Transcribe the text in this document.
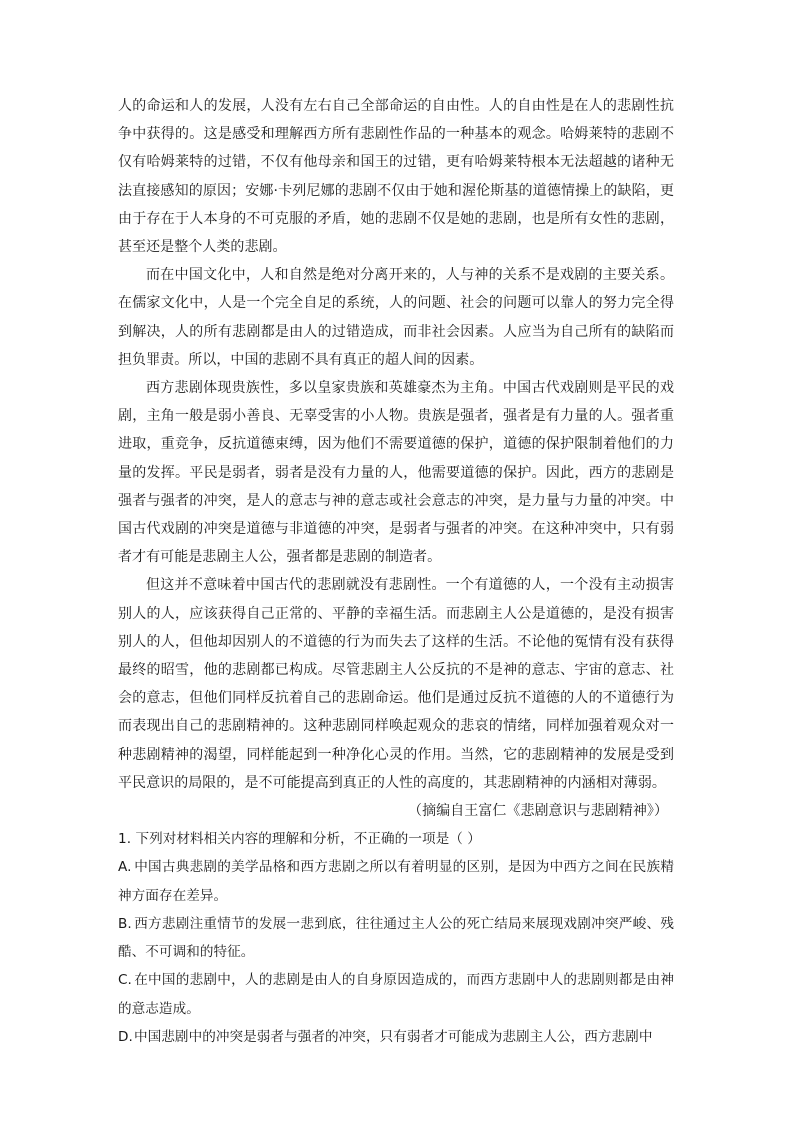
人的命运和人的发展，人没有左右自己全部命运的自由性。人的自由性是在人的悲剧性抗争中获得的。这是感受和理解西方所有悲剧性作品的一种基本的观念。哈姆莱特的悲剧不仅有哈姆莱特的过错，不仅有他母亲和国王的过错，更有哈姆莱特根本无法超越的诸种无法直接感知的原因；安娜·卡列尼娜的悲剧不仅由于她和渥伦斯基的道德情操上的缺陷，更由于存在于人本身的不可克服的矛盾，她的悲剧不仅是她的悲剧，也是所有女性的悲剧，甚至还是整个人类的悲剧。

而在中国文化中，人和自然是绝对分离开来的，人与神的关系不是戏剧的主要关系。在儒家文化中，人是一个完全自足的系统，人的问题、社会的问题可以靠人的努力完全得到解决，人的所有悲剧都是由人的过错造成，而非社会因素。人应当为自己所有的缺陷而担负罪责。所以，中国的悲剧不具有真正的超人间的因素。

西方悲剧体现贵族性，多以皇家贵族和英雄豪杰为主角。中国古代戏剧则是平民的戏剧，主角一般是弱小善良、无辜受害的小人物。贵族是强者，强者是有力量的人。强者重进取，重竞争，反抗道德束缚，因为他们不需要道德的保护，道德的保护限制着他们的力量的发挥。平民是弱者，弱者是没有力量的人，他需要道德的保护。因此，西方的悲剧是强者与强者的冲突，是人的意志与神的意志或社会意志的冲突，是力量与力量的冲突。中国古代戏剧的冲突是道德与非道德的冲突，是弱者与强者的冲突。在这种冲突中，只有弱者才有可能是悲剧主人公，强者都是悲剧的制造者。

但这并不意味着中国古代的悲剧就没有悲剧性。一个有道德的人，一个没有主动损害别人的人，应该获得自己正常的、平静的幸福生活。而悲剧主人公是道德的，是没有损害别人的人，但他却因别人的不道德的行为而失去了这样的生活。不论他的冤情有没有获得最终的昭雪，他的悲剧都已构成。尽管悲剧主人公反抗的不是神的意志、宇宙的意志、社会的意志，但他们同样反抗着自己的悲剧命运。他们是通过反抗不道德的人的不道德行为而表现出自己的悲剧精神的。这种悲剧同样唤起观众的悲哀的情绪，同样加强着观众对一种悲剧精神的渴望，同样能起到一种净化心灵的作用。当然，它的悲剧精神的发展是受到平民意识的局限的，是不可能提高到真正的人性的高度的，其悲剧精神的内涵相对薄弱。

（摘编自王富仁《悲剧意识与悲剧精神》）

1. 下列对材料相关内容的理解和分析，不正确的一项是（ ）

A. 中国古典悲剧的美学品格和西方悲剧之所以有着明显的区别，是因为中西方之间在民族精神方面存在差异。

B. 西方悲剧注重情节的发展一悲到底，往往通过主人公的死亡结局来展现戏剧冲突严峻、残酷、不可调和的特征。

C. 在中国的悲剧中，人的悲剧是由人的自身原因造成的，而西方悲剧中人的悲剧则都是由神的意志造成。

D.中国悲剧中的冲突是弱者与强者的冲突，只有弱者才可能成为悲剧主人公，西方悲剧中
